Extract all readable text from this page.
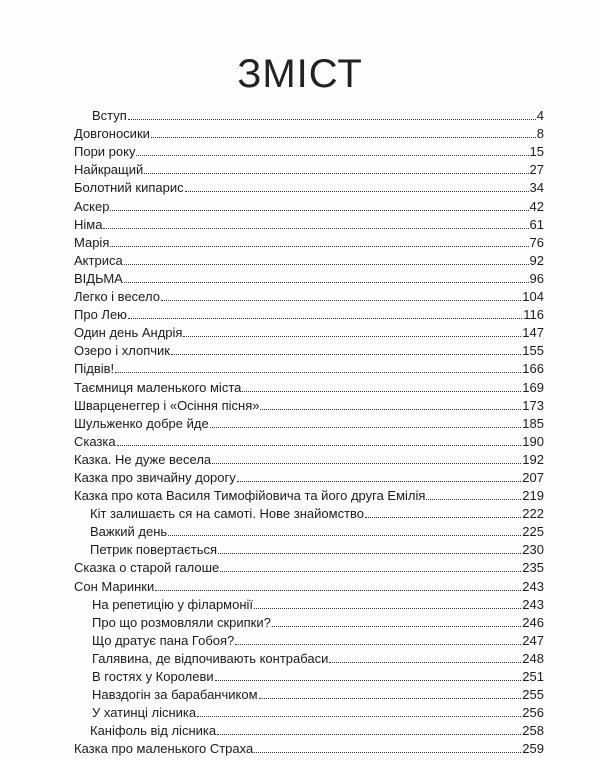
ЗМІСТ
Вступ	4
Довгоносики	8
Пори року	15
Найкращий	27
Болотний кипарис	34
Аскер	42
Німа	61
Марія	76
Актриса	92
ВІДЬМА	96
Легко і весело	104
Про Лею	116
Один день Андрія	147
Озеро і хлопчик	155
Підвів!	166
Таємниця маленького міста	169
Шварценеггер і «Осіння пісня»	173
Шульженко добре йде	185
Сказка	190
Казка. Не дуже весела	192
Казка про звичайну дорогу	207
Казка про кота Василя Тимофійовича та його друга Емілія	219
Кіт залишаєть ся на самоті. Нове знайомство	222
Важкий день	225
Петрик повертається	230
Сказка о старой галоше	235
Сон Маринки	243
На репетицію у філармонії	243
Про що розмовляли скрипки?	246
Що дратує пана Гобоя?	247
Галявина, де відпочивають контрабаси	248
В гостях у Королеви	251
Навздогін за барабанчиком	255
У хатинці лісника	256
Каніфоль від лісника	258
Казка про маленького Страха	259
